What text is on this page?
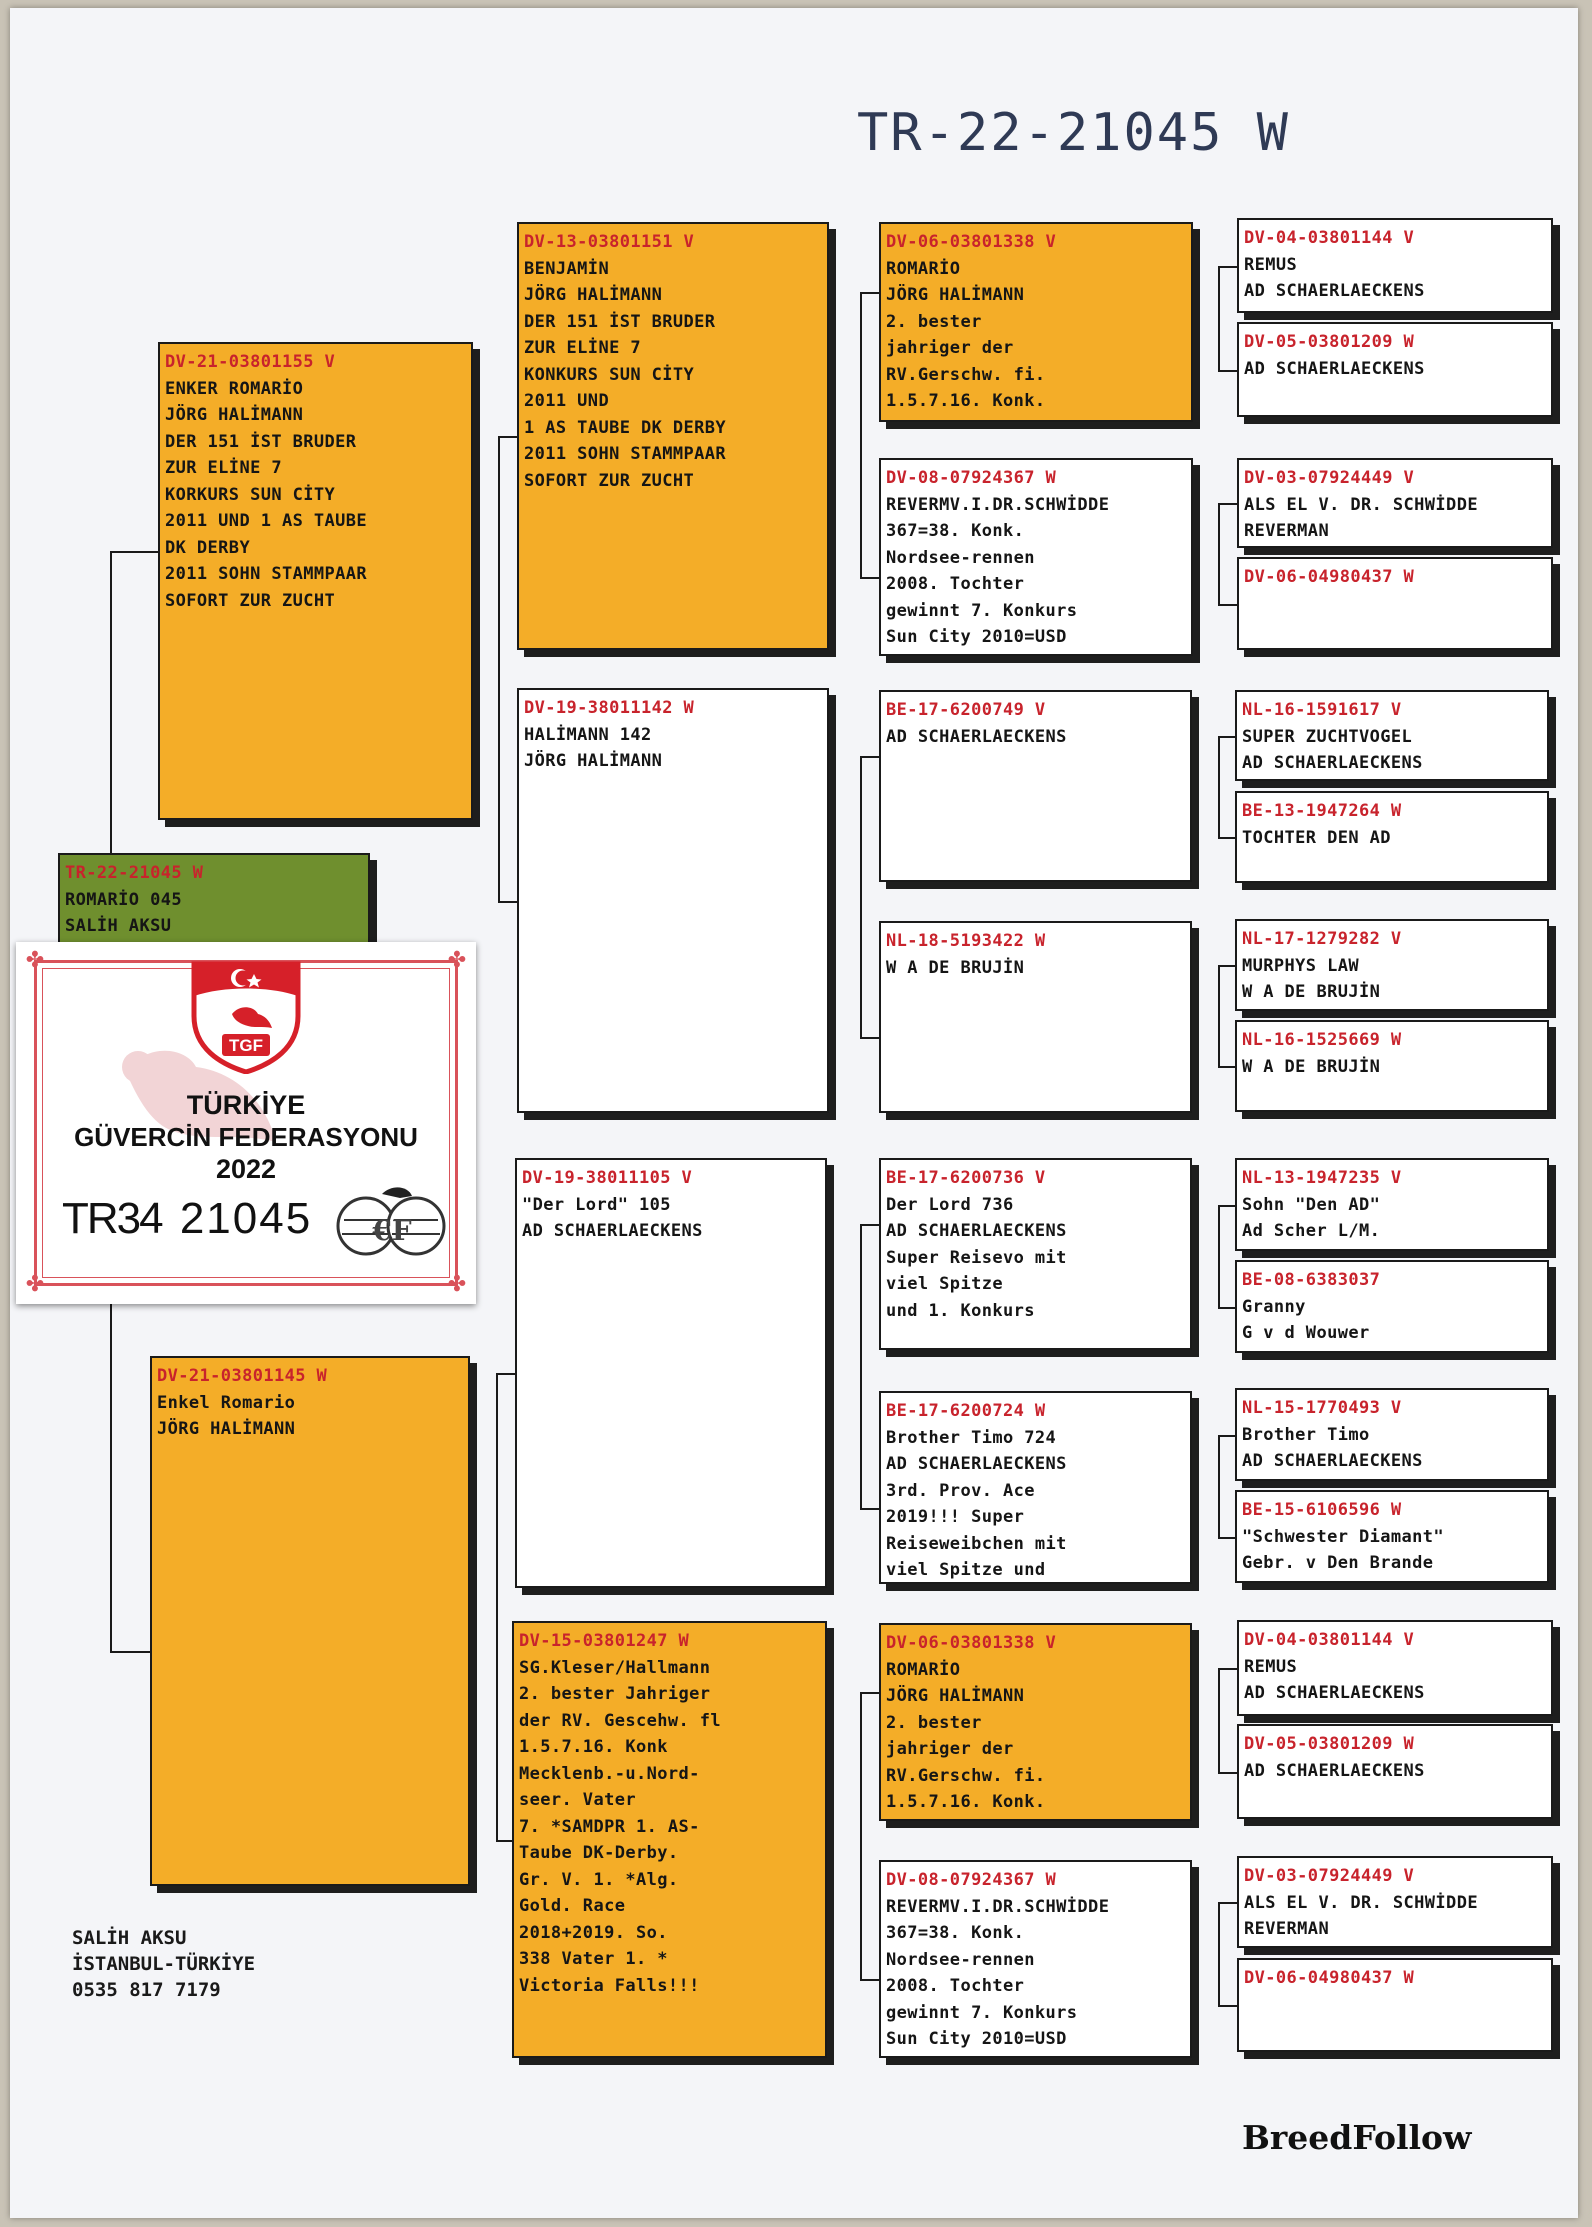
TR-22-21045 W
TR-22-21045 W
ROMARİO 045
SALİH AKSU
DV-21-03801155 V
ENKER ROMARİO
JÖRG HALİMANN
DER 151 İST BRUDER
ZUR ELİNE 7
KORKURS SUN CİTY
2011 UND 1 AS TAUBE
DK DERBY
2011 SOHN STAMMPAAR
SOFORT ZUR ZUCHT
DV-21-03801145 W
Enkel Romario
JÖRG HALİMANN
DV-13-03801151 V
BENJAMİN
JÖRG HALİMANN
DER 151 İST BRUDER
ZUR ELİNE 7
KONKURS SUN CİTY
2011 UND
1 AS TAUBE DK DERBY
2011 SOHN STAMMPAAR
SOFORT ZUR ZUCHT
DV-19-38011142 W
HALİMANN 142
JÖRG HALİMANN
DV-19-38011105 V
"Der Lord" 105
AD SCHAERLAECKENS
DV-15-03801247 W
SG.Kleser/Hallmann
2. bester Jahriger
der RV. Gescehw. fl
1.5.7.16. Konk
Mecklenb.-u.Nord-
seer. Vater
7. *SAMDPR 1. AS-
Taube DK-Derby.
Gr. V. 1. *Alg.
Gold. Race
2018+2019. So.
338 Vater 1. *
Victoria Falls!!!
DV-06-03801338 V
ROMARİO
JÖRG HALİMANN
2. bester
jahriger der
RV.Gerschw. fi.
1.5.7.16. Konk.
DV-08-07924367 W
REVERMV.I.DR.SCHWİDDE
367=38. Konk.
Nordsee-rennen
2008. Tochter
gewinnt 7. Konkurs
Sun City 2010=USD
BE-17-6200749 V
AD SCHAERLAECKENS
NL-18-5193422 W
W A DE BRUJİN
BE-17-6200736 V
Der Lord 736
AD SCHAERLAECKENS
Super Reisevo mit
viel Spitze
und 1. Konkurs
BE-17-6200724 W
Brother Timo 724
AD SCHAERLAECKENS
3rd. Prov. Ace
2019!!! Super
Reiseweibchen mit
viel Spitze und
DV-06-03801338 V
ROMARİO
JÖRG HALİMANN
2. bester
jahriger der
RV.Gerschw. fi.
1.5.7.16. Konk.
DV-08-07924367 W
REVERMV.I.DR.SCHWİDDE
367=38. Konk.
Nordsee-rennen
2008. Tochter
gewinnt 7. Konkurs
Sun City 2010=USD
DV-04-03801144 V
REMUS
AD SCHAERLAECKENS
DV-05-03801209 W
AD SCHAERLAECKENS
DV-03-07924449 V
ALS EL V. DR. SCHWİDDE
REVERMAN
DV-06-04980437 W
NL-16-1591617 V
SUPER ZUCHTVOGEL
AD SCHAERLAECKENS
BE-13-1947264 W
TOCHTER DEN AD
NL-17-1279282 V
MURPHYS LAW
W A DE BRUJİN
NL-16-1525669 W
W A DE BRUJİN
NL-13-1947235 V
Sohn "Den AD"
Ad Scher L/M.
BE-08-6383037
Granny
G v d Wouwer
NL-15-1770493 V
Brother Timo
AD SCHAERLAECKENS
BE-15-6106596 W
"Schwester Diamant"
Gebr. v Den Brande
DV-04-03801144 V
REMUS
AD SCHAERLAECKENS
DV-05-03801209 W
AD SCHAERLAECKENS
DV-03-07924449 V
ALS EL V. DR. SCHWİDDE
REVERMAN
DV-06-04980437 W
SALİH AKSU
İSTANBUL-TÜRKİYE
0535 817 7179
BreedFollow
✤	✤
✤	✤
TGF
TÜRKİYE
GÜVERCİN FEDERASYONU
2022
TR34 21045 €F
